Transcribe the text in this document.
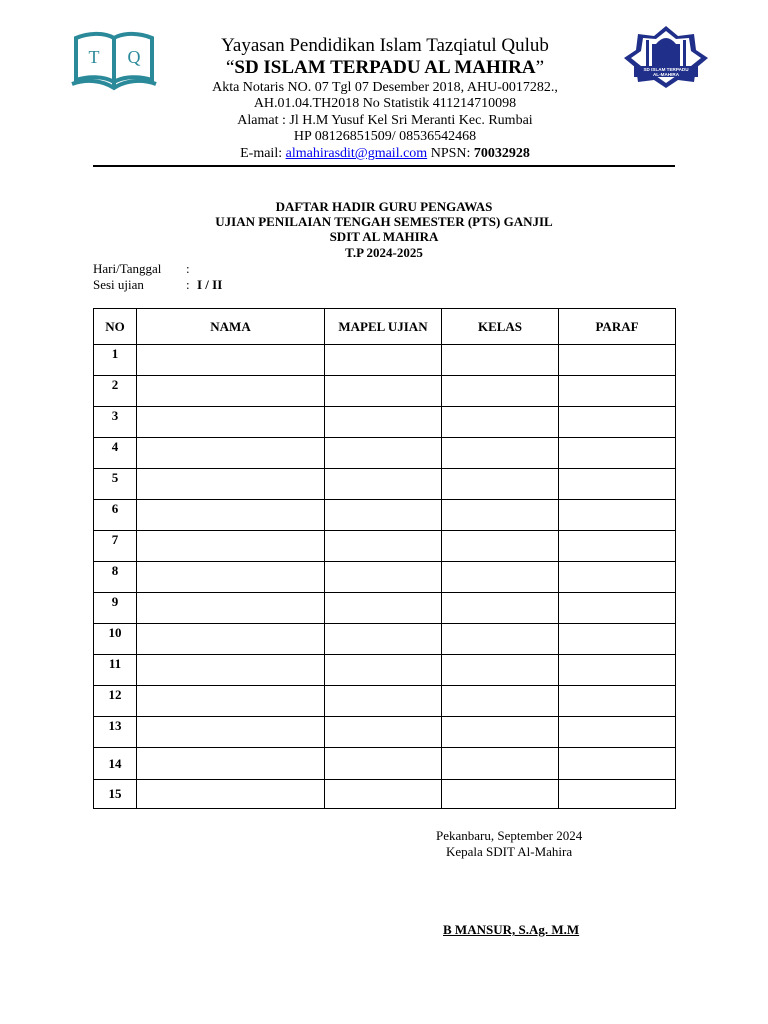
T Q
SD ISLAM TERPADU
AL-MAHIRA
Yayasan Pendidikan Islam Tazqiatul Qulub
“SD ISLAM TERPADU AL MAHIRA”
Akta Notaris NO. 07 Tgl 07 Desember 2018, AHU-0017282.,
AH.01.04.TH2018 No Statistik 411214710098
Alamat : Jl H.M Yusuf Kel Sri Meranti Kec. Rumbai
HP 08126851509/ 08536542468
E-mail: almahirasdit@gmail.com NPSN: 70032928
DAFTAR HADIR GURU PENGAWAS
UJIAN PENILAIAN TENGAH SEMESTER (PTS) GANJIL
SDIT AL MAHIRA
T.P 2024-2025
Hari/Tanggal :
Sesi ujian	: I / II
NO	NAMA	MAPEL UJIAN	KELAS	PARAF
1				
2				
3				
4				
5				
6				
7				
8				
9				
10				
11				
12				
13				
14				
15				
Pekanbaru, September 2024
Kepala SDIT Al-Mahira
B MANSUR, S.Ag. M.M
